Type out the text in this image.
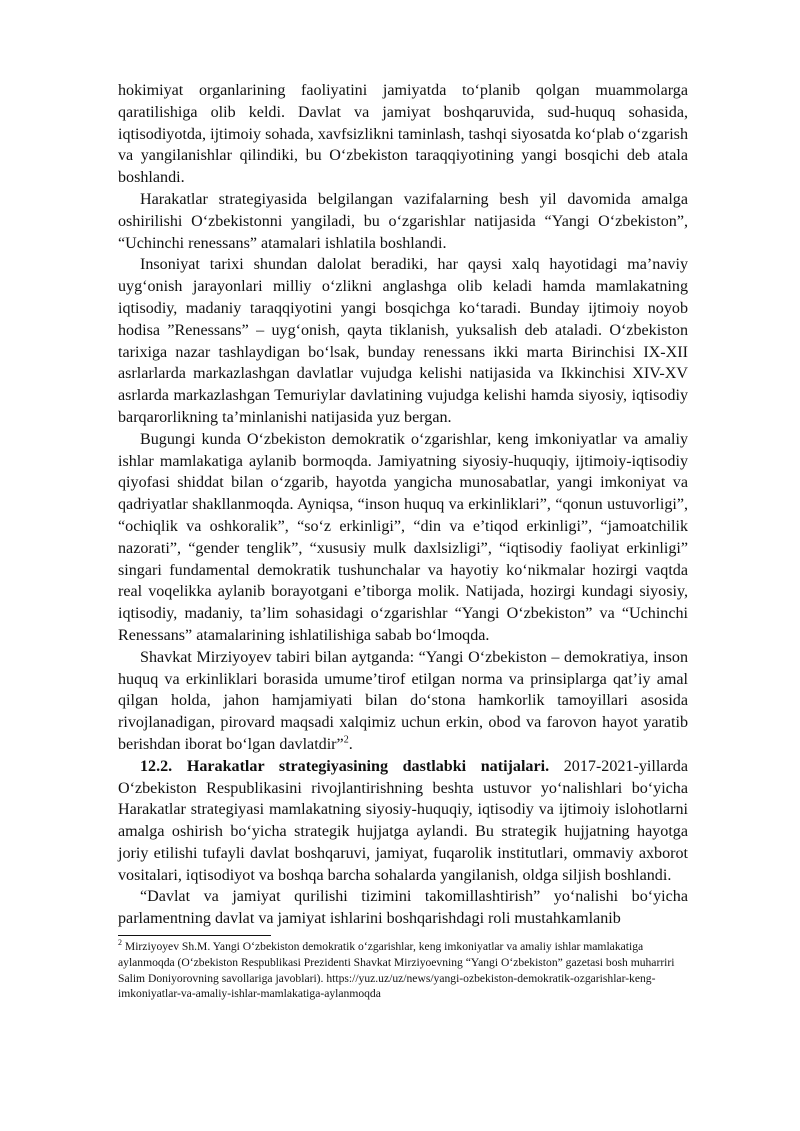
hokimiyat organlarining faoliyatini jamiyatda to‘planib qolgan muammolarga qaratilishiga olib keldi. Davlat va jamiyat boshqaruvida, sud-huquq sohasida, iqtisodiyotda, ijtimoiy sohada, xavfsizlikni taminlash, tashqi siyosatda ko‘plab o‘zgarish va yangilanishlar qilindiki, bu O‘zbekiston taraqqiyotining yangi bosqichi deb atala boshlandi.

Harakatlar strategiyasida belgilangan vazifalarning besh yil davomida amalga oshirilishi O‘zbekistonni yangiladi, bu o‘zgarishlar natijasida “Yangi O‘zbekiston”, “Uchinchi renessans” atamalari ishlatila boshlandi.

Insoniyat tarixi shundan dalolat beradiki, har qaysi xalq hayotidagi ma’naviy uyg‘onish jarayonlari milliy o‘zlikni anglashga olib keladi hamda mamlakatning iqtisodiy, madaniy taraqqiyotini yangi bosqichga ko‘taradi. Bunday ijtimoiy noyob hodisa ”Renessans” – uyg‘onish, qayta tiklanish, yuksalish deb ataladi. O‘zbekiston tarixiga nazar tashlaydigan bo‘lsak, bunday renessans ikki marta Birinchisi IX-XII asrlarlarda markazlashgan davlatlar vujudga kelishi natijasida va Ikkinchisi XIV-XV asrlarda markazlashgan Temuriylar davlatining vujudga kelishi hamda siyosiy, iqtisodiy barqarorlikning ta’minlanishi natijasida yuz bergan.

Bugungi kunda O‘zbekiston demokratik o‘zgarishlar, keng imkoniyatlar va amaliy ishlar mamlakatiga aylanib bormoqda. Jamiyatning siyosiy-huquqiy, ijtimoiy-iqtisodiy qiyofasi shiddat bilan o‘zgarib, hayotda yangicha munosabatlar, yangi imkoniyat va qadriyatlar shakllanmoqda. Ayniqsa, “inson huquq va erkinliklari”, “qonun ustuvorligi”, “ochiqlik va oshkoralik”, “so‘z erkinligi”, “din va e’tiqod erkinligi”, “jamoatchilik nazorati”, “gender tenglik”, “xususiy mulk daxlsizligi”, “iqtisodiy faoliyat erkinligi” singari fundamental demokratik tushunchalar va hayotiy ko‘nikmalar hozirgi vaqtda real voqelikka aylanib borayotgani e’tiborga molik. Natijada, hozirgi kundagi siyosiy, iqtisodiy, madaniy, ta’lim sohasidagi o‘zgarishlar “Yangi O‘zbekiston” va “Uchinchi Renessans” atamalarining ishlatilishiga sabab bo‘lmoqda.

Shavkat Mirziyoyev tabiri bilan aytganda: “Yangi O‘zbekiston – demokratiya, inson huquq va erkinliklari borasida umume’tirof etilgan norma va prinsiplarga qat’iy amal qilgan holda, jahon hamjamiyati bilan do‘stona hamkorlik tamoyillari asosida rivojlanadigan, pirovard maqsadi xalqimiz uchun erkin, obod va farovon hayot yaratib berishdan iborat bo‘lgan davlatdir”$^2$.

12.2. Harakatlar strategiyasining dastlabki natijalari. 2017-2021-yillarda O‘zbekiston Respublikasini rivojlantirishning beshta ustuvor yo‘nalishlari bo‘yicha Harakatlar strategiyasi mamlakatning siyosiy-huquqiy, iqtisodiy va ijtimoiy islohotlarni amalga oshirish bo‘yicha strategik hujjatga aylandi. Bu strategik hujjatning hayotga joriy etilishi tufayli davlat boshqaruvi, jamiyat, fuqarolik institutlari, ommaviy axborot vositalari, iqtisodiyot va boshqa barcha sohalarda yangilanish, oldga siljish boshlandi.

“Davlat va jamiyat qurilishi tizimini takomillashtirish” yo‘nalishi bo‘yicha parlamentning davlat va jamiyat ishlarini boshqarishdagi roli mustahkamlanib

$^2$ Mirziyoyev Sh.M. Yangi O‘zbekiston demokratik o‘zgarishlar, keng imkoniyatlar va amaliy ishlar mamlakatiga aylanmoqda (O‘zbekiston Respublikasi Prezidenti Shavkat Mirziyoevning “Yangi O‘zbekiston” gazetasi bosh muharriri Salim Doniyorovning savollariga javoblari). https://yuz.uz/uz/news/yangi-ozbekiston-demokratik-ozgarishlar-keng-imkoniyatlar-va-amaliy-ishlar-mamlakatiga-aylanmoqda
